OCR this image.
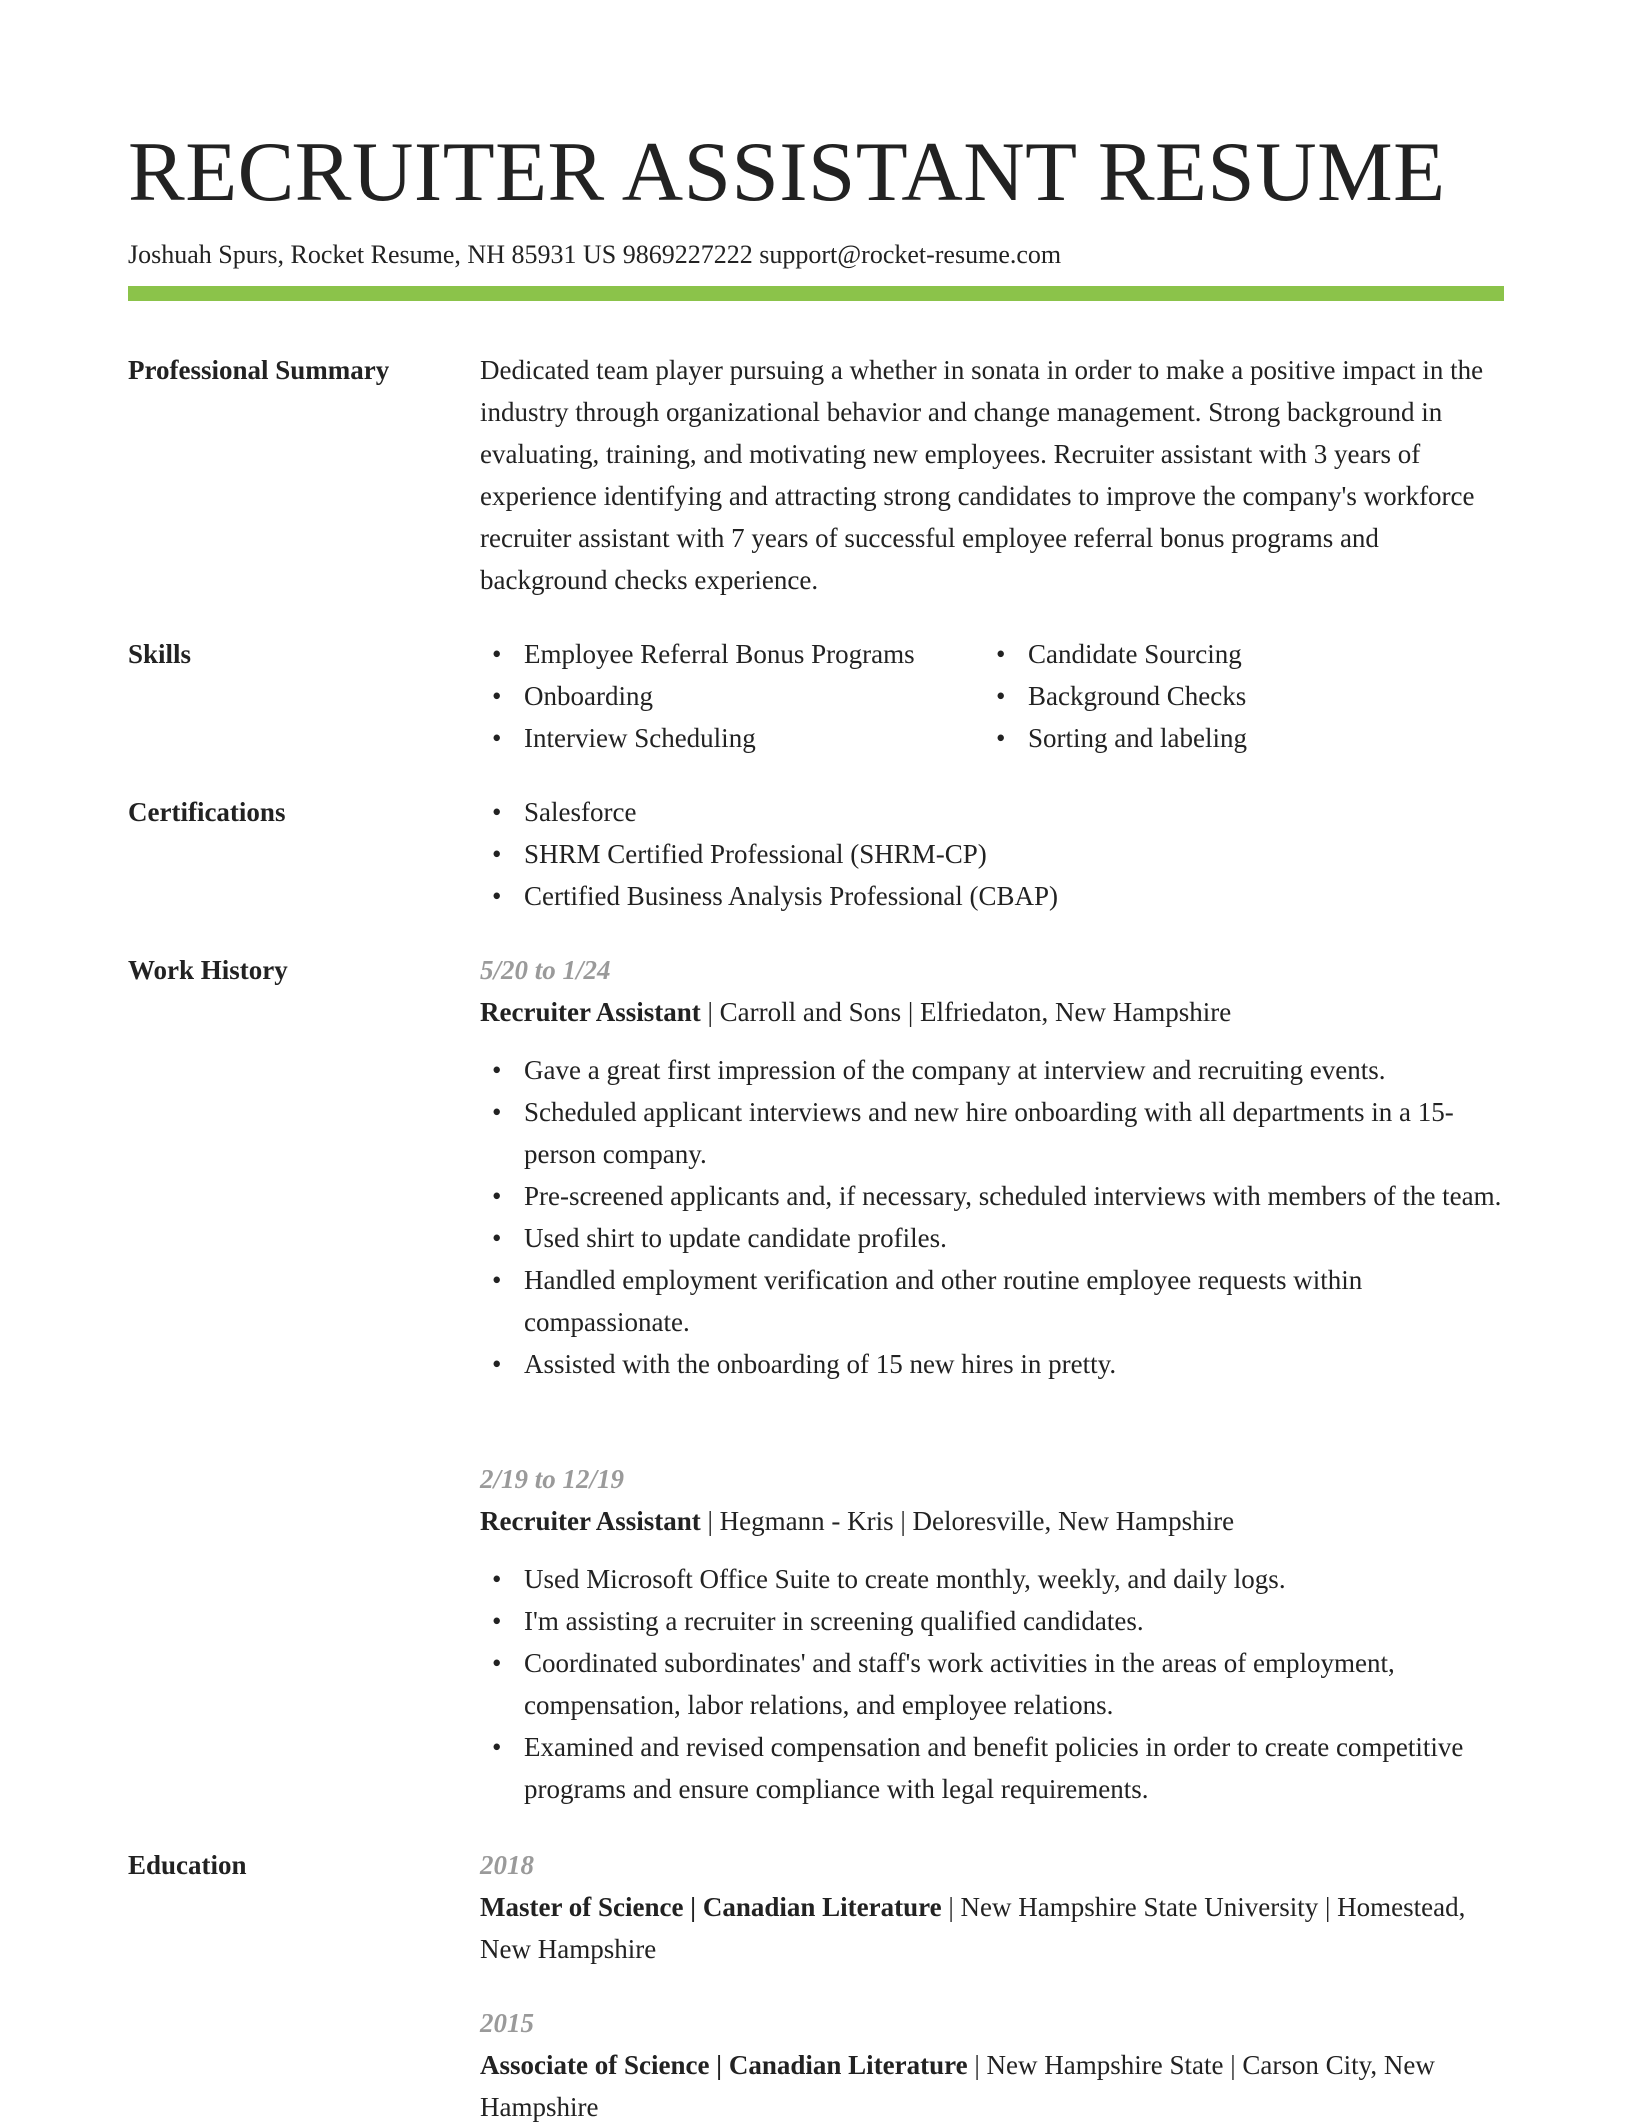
RECRUITER ASSISTANT RESUME
Joshuah Spurs, Rocket Resume, NH 85931 US 9869227222 support@rocket-resume.com
Professional Summary	Dedicated team player pursuing a whether in sonata in order to make a positive impact in the industry through organizational behavior and change management. Strong background in evaluating, training, and motivating new employees. Recruiter assistant with 3 years of experience identifying and attracting strong candidates to improve the company's workforce recruiter assistant with 7 years of successful employee referral bonus programs and background checks experience.

Skills	• Employee Referral Bonus Programs
• Onboarding
• Interview Scheduling
• Candidate Sourcing
• Background Checks
• Sorting and labeling
Certifications	• Salesforce
• SHRM Certified Professional (SHRM-CP)
• Certified Business Analysis Professional (CBAP)
Work History	5/20 to 1/24
Recruiter Assistant | Carroll and Sons | Elfriedaton, New Hampshire
• Gave a great first impression of the company at interview and recruiting events.
• Scheduled applicant interviews and new hire onboarding with all departments in a 15-person company.
• Pre-screened applicants and, if necessary, scheduled interviews with members of the team.
• Used shirt to update candidate profiles.
• Handled employment verification and other routine employee requests within compassionate.
• Assisted with the onboarding of 15 new hires in pretty.
2/19 to 12/19
Recruiter Assistant | Hegmann - Kris | Deloresville, New Hampshire
• Used Microsoft Office Suite to create monthly, weekly, and daily logs.
• I'm assisting a recruiter in screening qualified candidates.
• Coordinated subordinates' and staff's work activities in the areas of employment, compensation, labor relations, and employee relations.
• Examined and revised compensation and benefit policies in order to create competitive programs and ensure compliance with legal requirements.
Education	2018
Master of Science | Canadian Literature | New Hampshire State University | Homestead, New Hampshire
2015
Associate of Science | Canadian Literature | New Hampshire State | Carson City, New Hampshire
